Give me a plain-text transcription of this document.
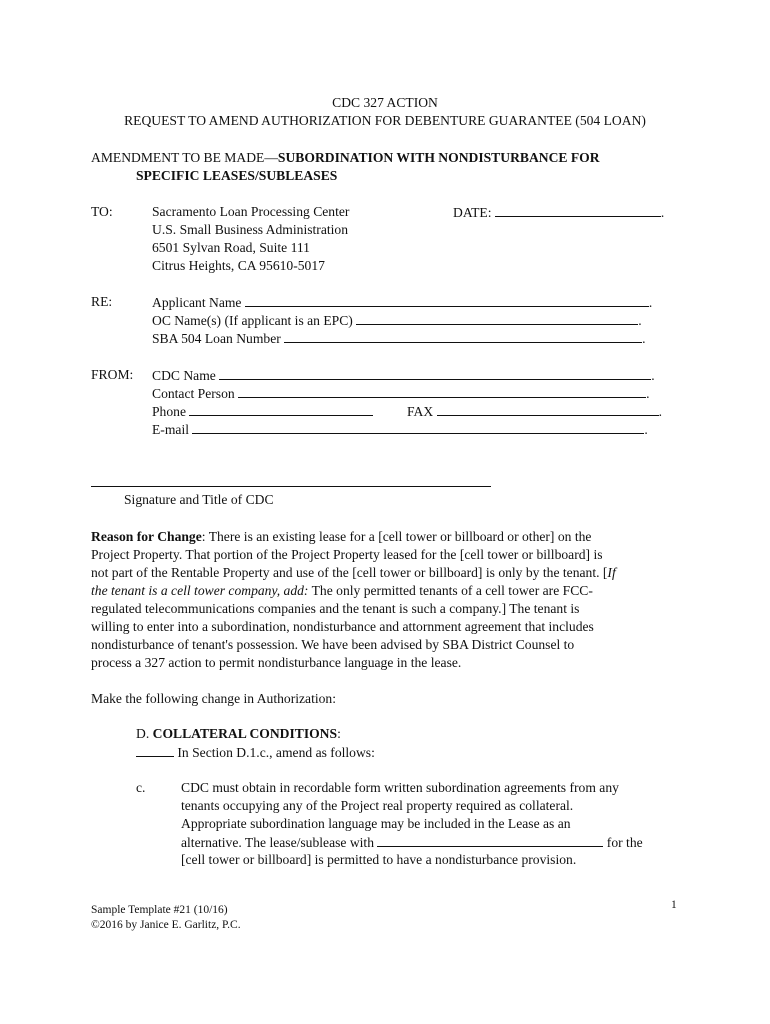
CDC 327 ACTION
REQUEST TO AMEND AUTHORIZATION FOR DEBENTURE GUARANTEE (504 LOAN)
AMENDMENT TO BE MADE—SUBORDINATION WITH NONDISTURBANCE FOR
SPECIFIC LEASES/SUBLEASES
TO:	Sacramento Loan Processing Center
U.S. Small Business Administration
6501 Sylvan Road, Suite 111
Citrus Heights, CA 95610-5017
DATE:	.
RE:	Applicant Name	.
OC Name(s) (If applicant is an EPC)	.
SBA 504 Loan Number	.
FROM: CDC Name	.
Contact Person	.
Phone	FAX	.
E-mail	.
Signature and Title of CDC
Reason for Change: There is an existing lease for a [cell tower or billboard or other] on the
Project Property. That portion of the Project Property leased for the [cell tower or billboard] is
not part of the Rentable Property and use of the [cell tower or billboard] is only by the tenant. [If
the tenant is a cell tower company, add: The only permitted tenants of a cell tower are FCC-
regulated telecommunications companies and the tenant is such a company.] The tenant is
willing to enter into a subordination, nondisturbance and attornment agreement that includes
nondisturbance of tenant's possession. We have been advised by SBA District Counsel to
process a 327 action to permit nondisturbance language in the lease.
Make the following change in Authorization:
D. COLLATERAL CONDITIONS:
In Section D.1.c., amend as follows:
c.	CDC must obtain in recordable form written subordination agreements from any
tenants occupying any of the Project real property required as collateral.
Appropriate subordination language may be included in the Lease as an
alternative. The lease/sublease with	for the
[cell tower or billboard] is permitted to have a nondisturbance provision.
1
Sample Template #21 (10/16)
©2016 by Janice E. Garlitz, P.C.
